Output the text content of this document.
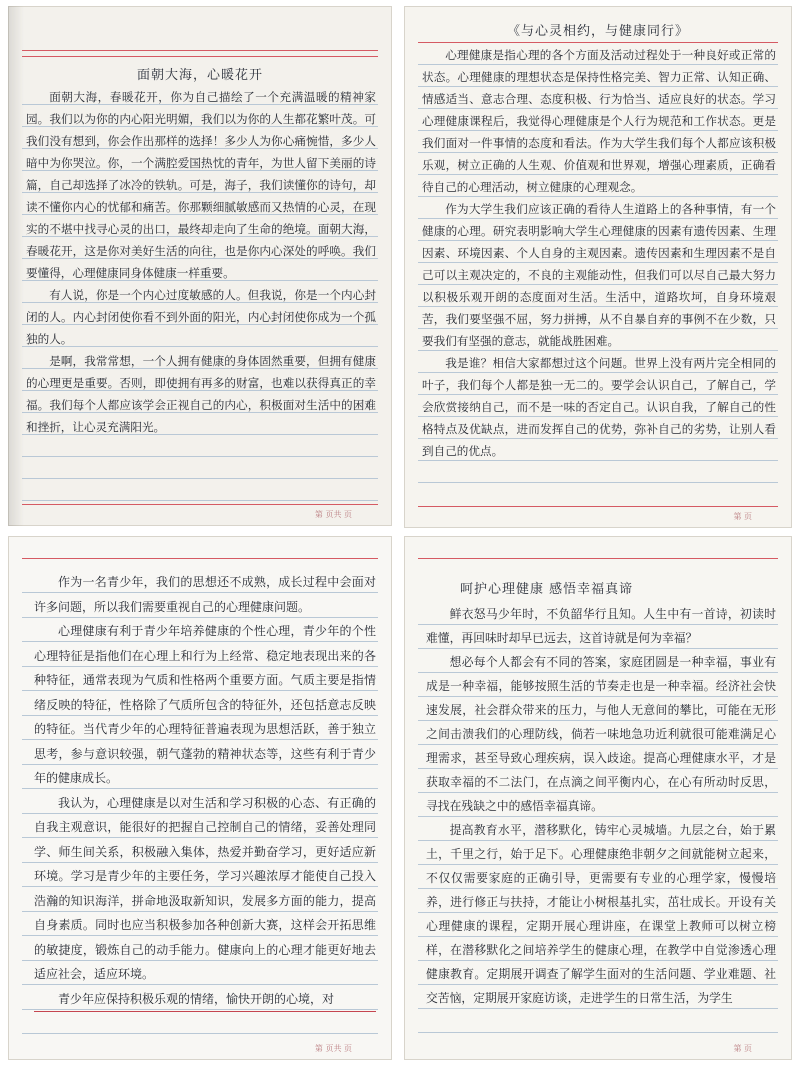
面朝大海，心暖花开

面朝大海，春暖花开，你为自己描绘了一个充满温暖的精神家园。我们以为你的内心阳光明媚，我们以为你的人生都花繁叶茂。可我们没有想到，你会作出那样的选择！多少人为你心痛惋惜，多少人暗中为你哭泣。你，一个满腔爱国热忱的青年，为世人留下美丽的诗篇，自己却选择了冰冷的铁轨。可是，海子，我们读懂你的诗句，却读不懂你内心的忧郁和痛苦。你那颗细腻敏感而又热情的心灵，在现实的不堪中找寻心灵的出口，最终却走向了生命的绝境。面朝大海，春暖花开，这是你对美好生活的向往，也是你内心深处的呼唤。我们要懂得，心理健康同身体健康一样重要。

有人说，你是一个内心过度敏感的人。但我说，你是一个内心封闭的人。内心封闭使你看不到外面的阳光，内心封闭使你成为一个孤独的人。

是啊，我常常想，一个人拥有健康的身体固然重要，但拥有健康的心理更是重要。否则，即使拥有再多的财富，也难以获得真正的幸福。我们每个人都应该学会正视自己的内心，积极面对生活中的困难和挫折，让心灵充满阳光。

第 页共 页
《与心灵相约，与健康同行》

心理健康是指心理的各个方面及活动过程处于一种良好或正常的状态。心理健康的理想状态是保持性格完美、智力正常、认知正确、情感适当、意志合理、态度积极、行为恰当、适应良好的状态。学习心理健康课程后，我觉得心理健康是个人行为规范和工作状态。更是我们面对一件事情的态度和看法。作为大学生我们每个人都应该积极乐观，树立正确的人生观、价值观和世界观，增强心理素质，正确看待自己的心理活动，树立健康的心理观念。

作为大学生我们应该正确的看待人生道路上的各种事情，有一个健康的心理。研究表明影响大学生心理健康的因素有遗传因素、生理因素、环境因素、个人自身的主观因素。遗传因素和生理因素不是自己可以主观决定的，不良的主观能动性，但我们可以尽自己最大努力以积极乐观开朗的态度面对生活。生活中，道路坎坷，自身环境艰苦，我们要坚强不屈，努力拼搏，从不自暴自弃的事例不在少数，只要我们有坚强的意志，就能战胜困难。

我是谁？相信大家都想过这个问题。世界上没有两片完全相同的叶子，我们每个人都是独一无二的。要学会认识自己，了解自己，学会欣赏接纳自己，而不是一味的否定自己。认识自我，了解自己的性格特点及优缺点，进而发挥自己的优势，弥补自己的劣势，让别人看到自己的优点。

第 页

作为一名青少年，我们的思想还不成熟，成长过程中会面对许多问题，所以我们需要重视自己的心理健康问题。

心理健康有利于青少年培养健康的个性心理，青少年的个性心理特征是指他们在心理上和行为上经常、稳定地表现出来的各种特征，通常表现为气质和性格两个重要方面。气质主要是指情绪反映的特征，性格除了气质所包含的特征外，还包括意志反映的特征。当代青少年的心理特征普遍表现为思想活跃，善于独立思考，参与意识较强，朝气蓬勃的精神状态等，这些有利于青少年的健康成长。

我认为，心理健康是以对生活和学习积极的心态、有正确的自我主观意识，能很好的把握自己控制自己的情绪，妥善处理同学、师生间关系，积极融入集体，热爱并勤奋学习，更好适应新环境。学习是青少年的主要任务，学习兴趣浓厚才能使自己投入浩瀚的知识海洋，拼命地汲取新知识，发展多方面的能力，提高自身素质。同时也应当积极参加各种创新大赛，这样会开拓思维的敏捷度，锻炼自己的动手能力。健康向上的心理才能更好地去适应社会，适应环境。

青少年应保持积极乐观的情绪，愉快开朗的心境，对

第 页共 页
呵护心理健康 感悟幸福真谛

鲜衣怒马少年时，不负韶华行且知。人生中有一首诗，初读时难懂，再回味时却早已远去，这首诗就是何为幸福？

想必每个人都会有不同的答案，家庭团圆是一种幸福，事业有成是一种幸福，能够按照生活的节奏走也是一种幸福。经济社会快速发展，社会群众带来的压力，与他人无意间的攀比，可能在无形之间击溃我们的心理防线，倘若一味地急功近利就很可能难满足心理需求，甚至导致心理疾病，误入歧途。提高心理健康水平，才是获取幸福的不二法门，在点滴之间平衡内心，在心有所动时反思，寻找在残缺之中的感悟幸福真谛。

提高教育水平，潜移默化，铸牢心灵城墙。九层之台，始于累土，千里之行，始于足下。心理健康绝非朝夕之间就能树立起来，不仅仅需要家庭的正确引导，更需要有专业的心理学家，慢慢培养，进行修正与扶持，才能让小树根基扎实，茁壮成长。开设有关心理健康的课程，定期开展心理讲座，在课堂上教师可以树立榜样，在潜移默化之间培养学生的健康心理，在教学中自觉渗透心理健康教育。定期展开调查了解学生面对的生活问题、学业难题、社交苦恼，定期展开家庭访谈，走进学生的日常生活，为学生

第 页
